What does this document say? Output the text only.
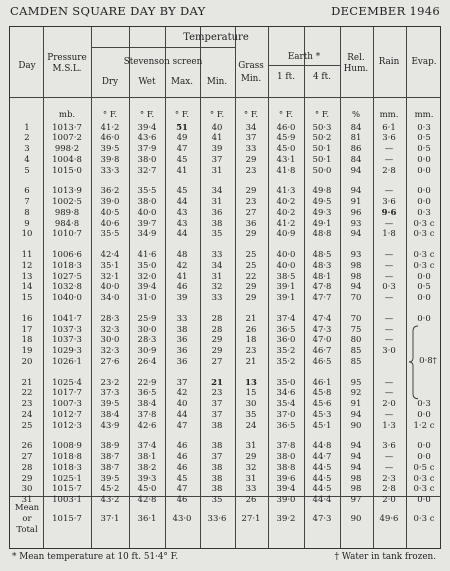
CAMDEN SQUARE DAY BY DAY	DECEMBER 1946
Day
Pressure
M.S.L.
Temperature
Stevenson screen
Dry Wet Max. Min.
Grass
Min.
Earth *
1 ft. 4 ft.
Rel.
Hum.
Rain Evap.
mb.	° F.	° F. ° F. ° F. ° F. ° F.	° F.	% mm. mm.
1	1013·7 41·2 39·4 51	40	34 46·0 50·3 84 6·1	0·3
2	1007·2 46·0 43·6 49	41	37 45·9 50·2 81 3·6	0·5
3	998·2	39·5 37·9 47	39	33 45·0 50·1 86	—	0·5
4	1004·8 39·8 38·0 45	37	29 43·1 50·1 84	—	0·0
5	1015·0 33·3 32·7 41	31	23 41·8 50·0 94 2·8	0·0
6	1013·9 36·2 35·5 45	34	29 41·3 49·8 94	—	0·0
7	1002·5 39·0 38·0 44	31	23 40·2 49·5 91 3·6	0·0
8	989·8	40·5 40·0 43	36	27 40·2 49·3 96 9·6 0·3
9	984·8	40·6 39·7 43	38	36 41·2 49·1 93	— 0·3 c
10 1010·7 35·5 34·9 44	35	29 40·9 48·8 94 1·8 0·3 c
11 1006·6 42·4 41·6 48	33	25 40·0 48·5 93	— 0·3 c
12 1018·3 35·1 35·0 42	34	25 40·0 48·3 98	— 0·3 c
13 1027·5 32·1 32·0 41	31	22 38·5 48·1 98	—	0·0
14 1032·8 40·0 39·4 46	32	29 39·1 47·8 94 0·3	0·5
15 1040·0 34·0 31·0 39	33	29 39·1 47·7 70	—	0·0
16 1041·7 28·3 25·9 33	28	21 37·4 47·4 70	—	0·0
17 1037·3 32·3 30·0 38	28	26 36·5 47·3 75	—
18 1037·3 30·0 28·3 36	29	18 36·0 47·0 80	—
19 1029·3 32·3 30·9 36	29	23 35·2 46·7 85 3·0
20 1026·1 27·6 26·4 36	27	21 35·2 46·5 85
21 1025·4 23·2 22·9 37	21	13 35·0 46·1 95	—
22 1017·7 37·3 36·5 42	23	15 34·6 45·8 92	—
23 1007·3 39·5 38·4 40	37	30 35·4 45·6 91 2·0	0·3
24 1012·7 38·4 37·8 44	37	35 37·0 45·3 94	—	0·0
25 1012·3 43·9 42·6 47	38	24 36·5 45·1 90 1·3 1·2 c
26 1008·9 38·9 37·4 46	38	31 37·8 44·8 94 3·6	0·0
27 1018·8 38·7 38·1 46	37	29 38·0 44·7 94	—	0·0
28 1018·3 38·7 38·2 46	38	32 38·8 44·5 94	— 0·5 c
29 1025·1 39·5 39·3 45	38	31 39·6 44·5 98 2·3 0·3 c
30 1015·7 45·2 45·0 47	38	33 39·4 44·5 98 2·8 0·3 c
31 1003·1 43·2 42·8 46	35	26 39·0 44·4 97 2·0	0·0
0·8†
Mean
or
Total
1015·7 37·1 36·1 43·0 33·6 27·1 39·2 47·3 90 49·6 0·3 c
* Mean temperature at 10 ft. 51·4° F.	† Water in tank frozen.
